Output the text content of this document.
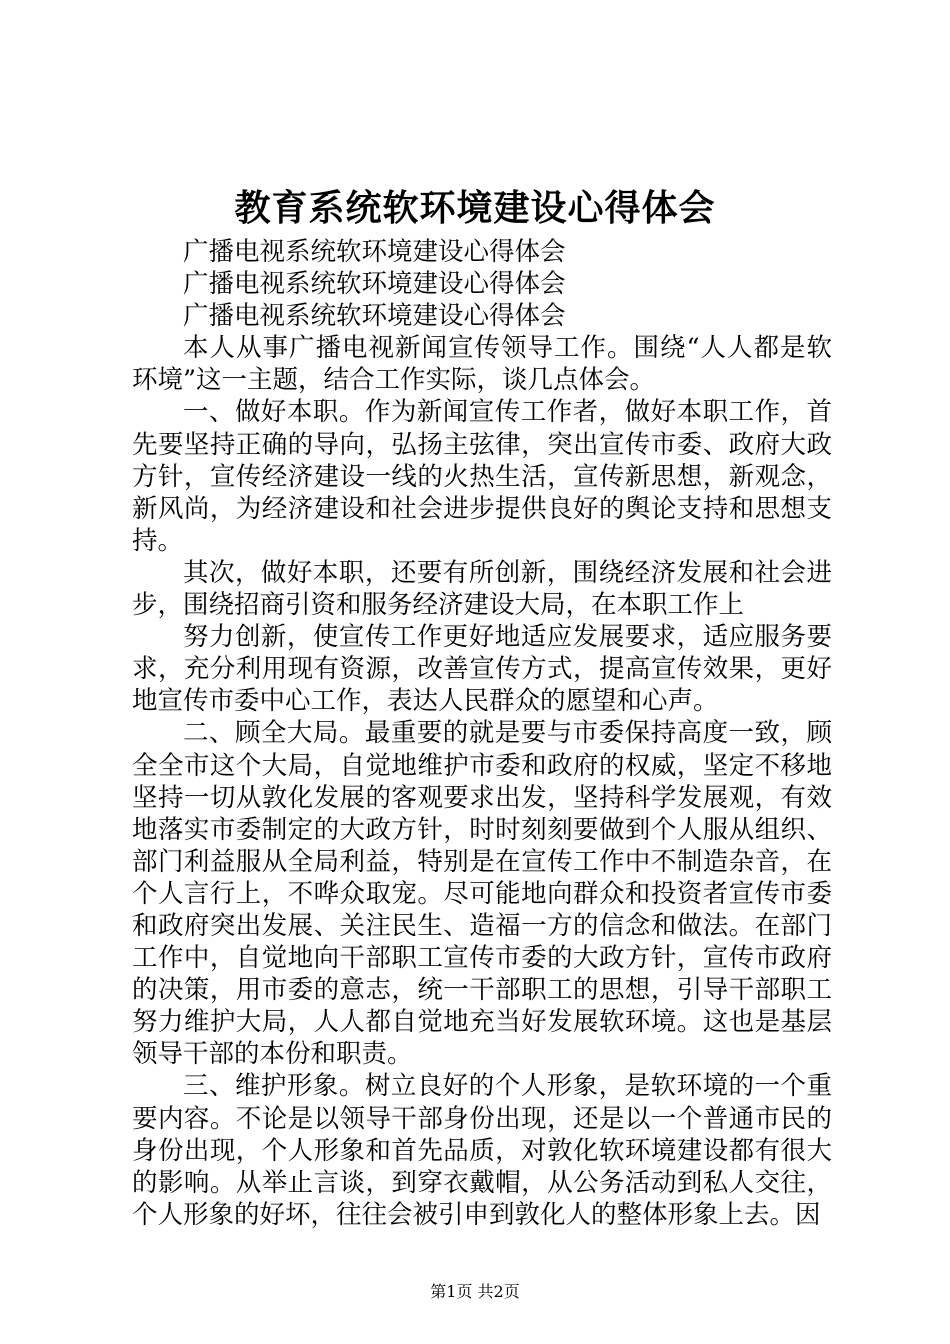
教育系统软环境建设心得体会

广播电视系统软环境建设心得体会

广播电视系统软环境建设心得体会

广播电视系统软环境建设心得体会

本人从事广播电视新闻宣传领导工作。围绕“人人都是软环境”这一主题，结合工作实际，谈几点体会。

一、做好本职。作为新闻宣传工作者，做好本职工作，首先要坚持正确的导向，弘扬主弦律，突出宣传市委、政府大政方针，宣传经济建设一线的火热生活，宣传新思想，新观念，新风尚，为经济建设和社会进步提供良好的舆论支持和思想支持。

其次，做好本职，还要有所创新，围绕经济发展和社会进步，围绕招商引资和服务经济建设大局，在本职工作上

努力创新，使宣传工作更好地适应发展要求，适应服务要求，充分利用现有资源，改善宣传方式，提高宣传效果，更好地宣传市委中心工作，表达人民群众的愿望和心声。

二、顾全大局。最重要的就是要与市委保持高度一致，顾全全市这个大局，自觉地维护市委和政府的权威，坚定不移地坚持一切从敦化发展的客观要求出发，坚持科学发展观，有效地落实市委制定的大政方针，时时刻刻要做到个人服从组织、部门利益服从全局利益，特别是在宣传工作中不制造杂音，在个人言行上，不哗众取宠。尽可能地向群众和投资者宣传市委和政府突出发展、关注民生、造福一方的信念和做法。在部门工作中，自觉地向干部职工宣传市委的大政方针，宣传市政府的决策，用市委的意志，统一干部职工的思想，引导干部职工努力维护大局，人人都自觉地充当好发展软环境。这也是基层领导干部的本份和职责。

三、维护形象。树立良好的个人形象，是软环境的一个重要内容。不论是以领导干部身份出现，还是以一个普通市民的身份出现，个人形象和首先品质，对敦化软环境建设都有很大的影响。从举止言谈，到穿衣戴帽，从公务活动到私人交往，个人形象的好坏，往往会被引申到敦化人的整体形象上去。因

第1页 共2页
